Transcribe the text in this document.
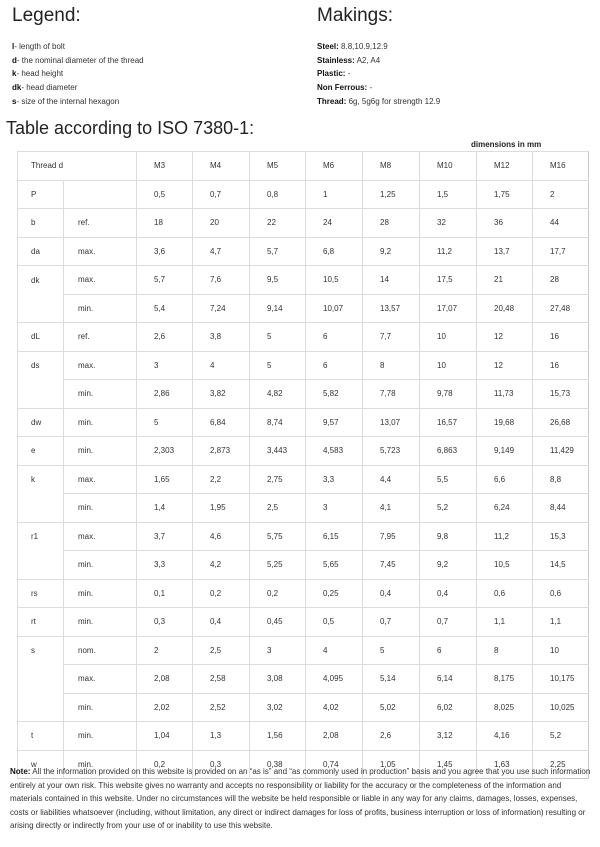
Legend:
l- length of bolt
d- the nominal diameter of the thread
k- head height
dk- head diameter
s- size of the internal hexagon
Makings:
Steel: 8.8,10.9,12.9
Stainless: A2, A4
Plastic: -
Non Ferrous: -
Thread: 6g, 5g6g for strength 12.9
Table according to ISO 7380-1:
dimensions in mm
Thread d		M3	M4	M5	M6	M8	M10	M12	M16
P		0,5	0,7	0,8	1	1,25	1,5	1,75	2
b	ref.	18	20	22	24	28	32	36	44
da	max.	3,6	4,7	5,7	6,8	9,2	11,2	13,7	17,7
dk	max.	5,7	7,6	9,5	10,5	14	17,5	21	28
	min.	5,4	7,24	9,14	10,07	13,57	17,07	20,48	27,48
dL	ref.	2,6	3,8	5	6	7,7	10	12	16
ds	max.	3	4	5	6	8	10	12	16
	min.	2,86	3,82	4,82	5,82	7,78	9,78	11,73	15,73
dw	min.	5	6,84	8,74	9,57	13,07	16,57	19,68	26,68
e	min.	2,303	2,873	3,443	4,583	5,723	6,863	9,149	11,429
k	max.	1,65	2,2	2,75	3,3	4,4	5,5	6,6	8,8
	min.	1,4	1,95	2,5	3	4,1	5,2	6,24	8,44
r1	max.	3,7	4,6	5,75	6,15	7,95	9,8	11,2	15,3
	min.	3,3	4,2	5,25	5,65	7,45	9,2	10,5	14,5
rs	min.	0,1	0,2	0,2	0,25	0,4	0,4	0,6	0,6
rt	min.	0,3	0,4	0,45	0,5	0,7	0,7	1,1	1,1
s	nom.	2	2,5	3	4	5	6	8	10
	max.	2,08	2,58	3,08	4,095	5,14	6,14	8,175	10,175
	min.	2,02	2,52	3,02	4,02	5,02	6,02	8,025	10,025
t	min.	1,04	1,3	1,56	2,08	2,6	3,12	4,16	5,2
w	min.	0,2	0,3	0,38	0,74	1,05	1,45	1,63	2,25
Note: All the information provided on this website is provided on an “as is” and “as commonly used in production” basis and you agree that you use such information entirely at your own risk. This website gives no warranty and accepts no responsibility or liability for the accuracy or the completeness of the information and materials contained in this website. Under no circumstances will the website be held responsible or liable in any way for any claims, damages, losses, expenses, costs or liabilities whatsoever (including, without limitation, any direct or indirect damages for loss of profits, business interruption or loss of information) resulting or arising directly or indirectly from your use of or inability to use this website.
